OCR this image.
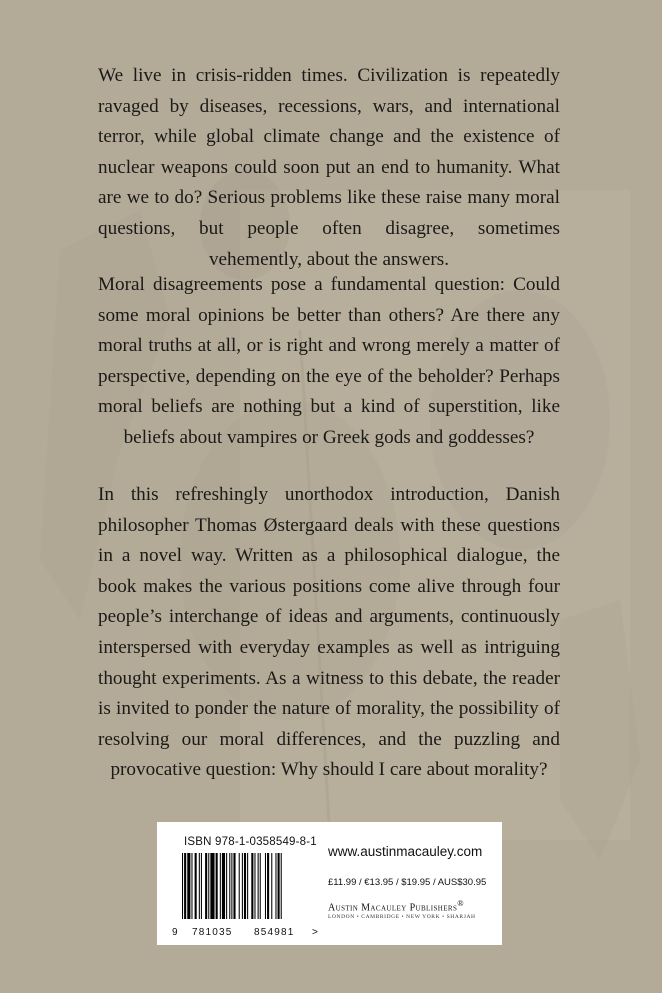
We live in crisis-ridden times. Civilization is repeatedly ravaged by diseases, recessions, wars, and international terror, while global climate change and the existence of nuclear weapons could soon put an end to humanity. What are we to do? Serious problems like these raise many moral questions, but people often disagree, sometimes vehemently, about the answers.

Moral disagreements pose a fundamental question: Could some moral opinions be better than others? Are there any moral truths at all, or is right and wrong merely a matter of perspective, depending on the eye of the beholder? Perhaps moral beliefs are nothing but a kind of superstition, like beliefs about vampires or Greek gods and goddesses?

In this refreshingly unorthodox introduction, Danish philosopher Thomas Østergaard deals with these questions in a novel way. Written as a philosophical dialogue, the book makes the various positions come alive through four people’s interchange of ideas and arguments, continuously interspersed with everyday examples as well as intriguing thought experiments. As a witness to this debate, the reader is invited to ponder the nature of morality, the possibility of resolving our moral differences, and the puzzling and provocative question: Why should I care about morality?

ISBN 978-1-0358549-8-1
9 781035 854981 >
www.austinmacauley.com
£11.99 / €13.95 / $19.95 / AUS$30.95
Austin Macauley Publishers®
LONDON • CAMBRIDGE • NEW YORK • SHARJAH
